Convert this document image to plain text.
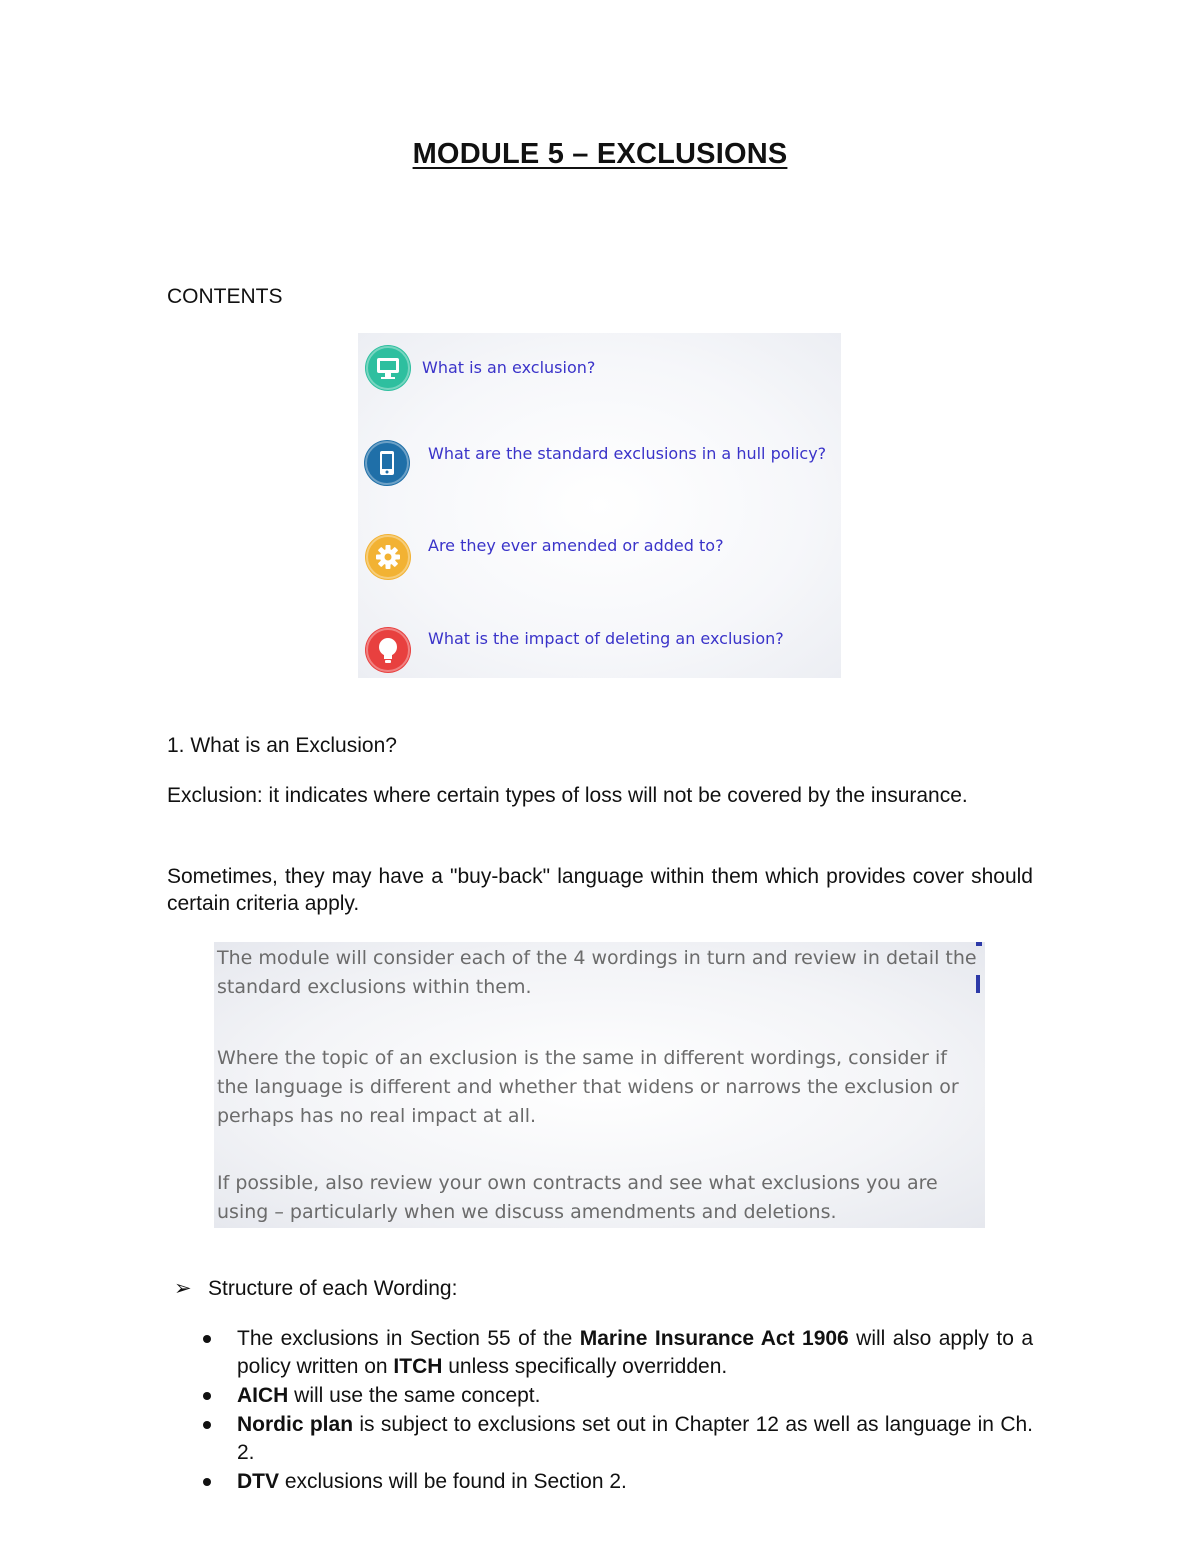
MODULE 5 – EXCLUSIONS
CONTENTS
What is an exclusion?
What are the standard exclusions in a hull policy?
Are they ever amended or added to?
What is the impact of deleting an exclusion?
1. What is an Exclusion?
Exclusion: it indicates where certain types of loss will not be covered by the insurance.
Sometimes, they may have a "buy-back" language within them which provides cover should certain criteria apply.
The module will consider each of the 4 wordings in turn and review in detail the standard exclusions within them.
Where the topic of an exclusion is the same in different wordings, consider if the language is different and whether that widens or narrows the exclusion or perhaps has no real impact at all.
If possible, also review your own contracts and see what exclusions you are using – particularly when we discuss amendments and deletions.
➢ Structure of each Wording:
The exclusions in Section 55 of the Marine Insurance Act 1906 will also apply to a policy written on ITCH unless specifically overridden.
AICH will use the same concept.
Nordic plan is subject to exclusions set out in Chapter 12 as well as language in Ch. 2.
DTV exclusions will be found in Section 2.
